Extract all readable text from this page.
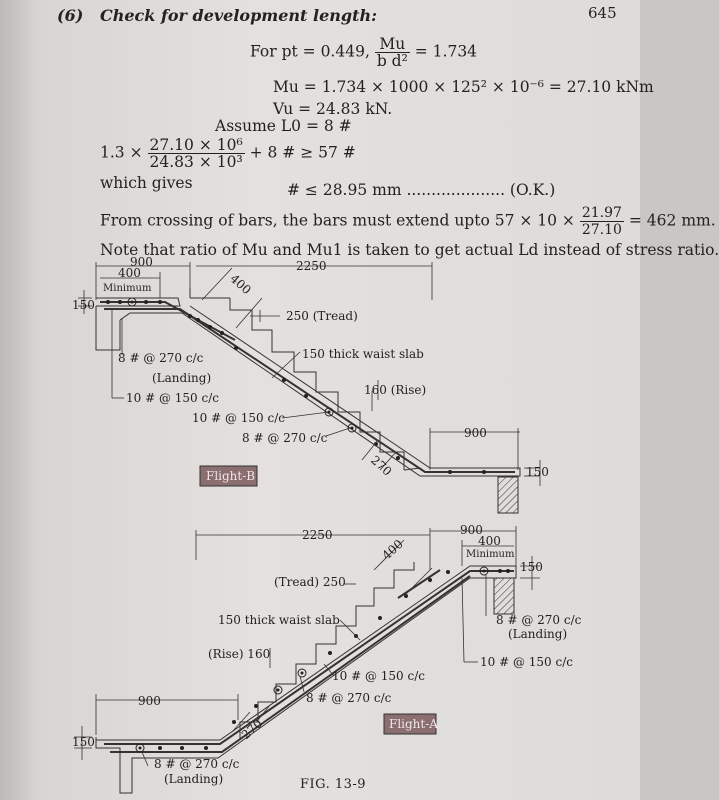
(6) Check for development length:	645
For pt = 0.449, $\frac{Mu}{\text{b d²}} = 1.734$
Mu = 1.734 × 1000 × 125² × 10⁻⁶ = 27.10 kNm
Vu = 24.83 kN.
Assume L0 = 8 #
$1.3 \times \frac{\text{27.10 × 10⁶}}{\text{24.83 × 10³}} + 8$ # ≥ 57 #
which gives	# ≤ 28.95 mm .................... (O.K.)
From crossing of bars, the bars must extend upto $57 \times 10 \times \frac{21.97}{27.10} = 462$ mm.
Note that ratio of Mu and Mu1 is taken to get actual Ld instead of stress ratio.
900	2250
400
Minimum
150
400
250 (Tread)
150 thick waist slab
160 (Rise)
8 # @ 270 c/c
(Landing)
10 # @ 150 c/c
10 # @ 150 c/c
8 # @ 270 c/c
270
900
150
Flight-B
2250	900
400
Minimum
150
400
(Tread) 250
150 thick waist slab
(Rise) 160
10 # @ 150 c/c
8 # @ 270 c/c
900
150	270
8 # @ 270 c/c
(Landing)
8 # @ 270 c/c
(Landing)
10 # @ 150 c/c
Flight-A
FIG. 13-9
